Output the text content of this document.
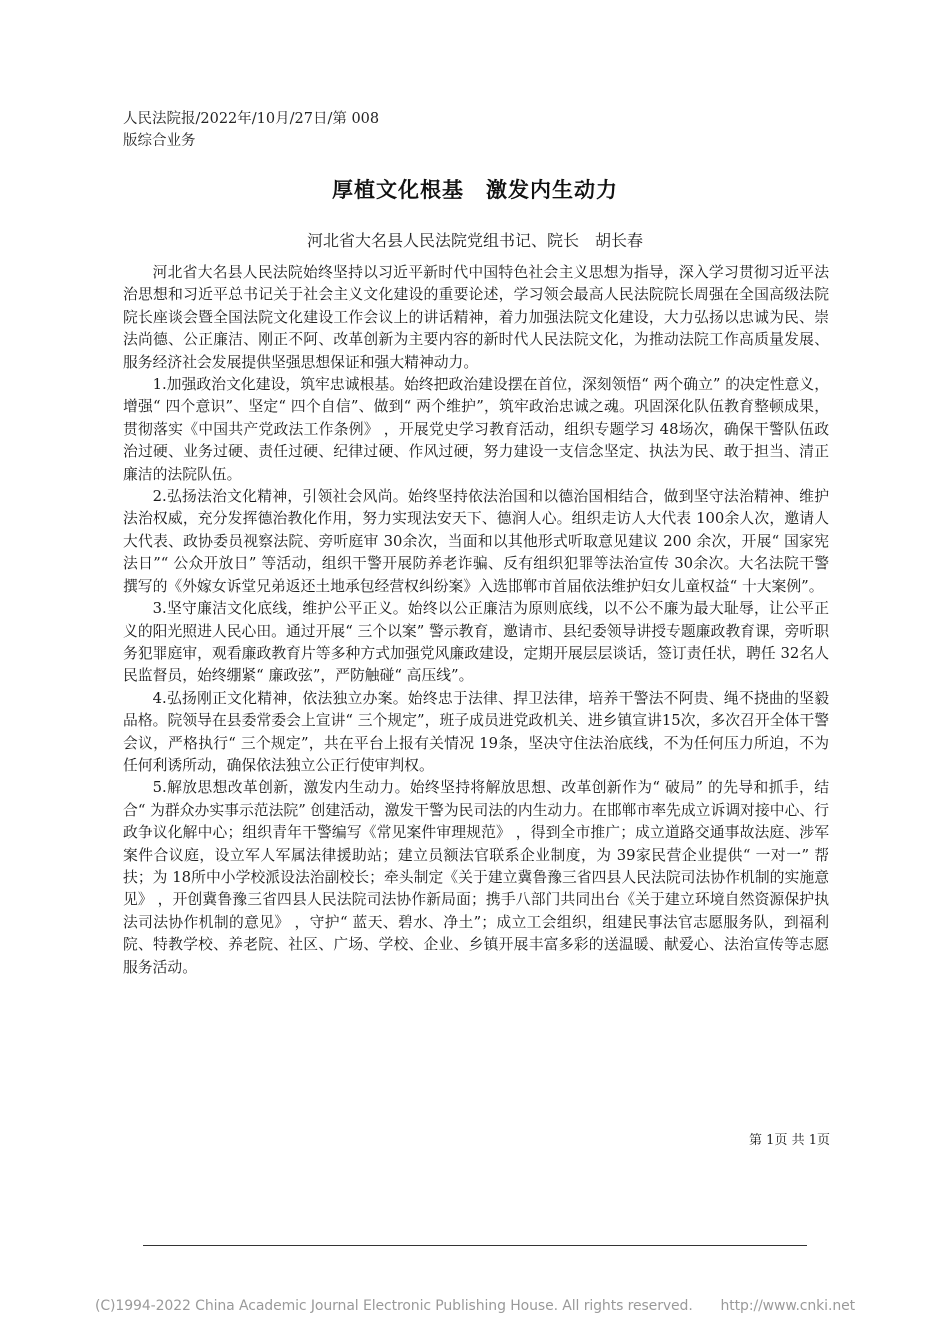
人民法院报/2022年/10月/27日/第 008
版综合业务
厚植文化根基　激发内生动力
河北省大名县人民法院党组书记、院长　胡长春

河北省大名县人民法院始终坚持以习近平新时代中国特色社会主义思想为指导，深入学习贯彻习近平法治思想和习近平总书记关于社会主义文化建设的重要论述，学习领会最高人民法院院长周强在全国高级法院院长座谈会暨全国法院文化建设工作会议上的讲话精神，着力加强法院文化建设，大力弘扬以忠诚为民、崇法尚德、公正廉洁、刚正不阿、改革创新为主要内容的新时代人民法院文化，为推动法院工作高质量发展、服务经济社会发展提供坚强思想保证和强大精神动力。

1.加强政治文化建设，筑牢忠诚根基。始终把政治建设摆在首位，深刻领悟“ 两个确立” 的决定性意义，增强“ 四个意识”、坚定“ 四个自信”、做到“ 两个维护”，筑牢政治忠诚之魂。巩固深化队伍教育整顿成果，贯彻落实《中国共产党政法工作条例》 ，开展党史学习教育活动，组织专题学习 48场次，确保干警队伍政治过硬、业务过硬、责任过硬、纪律过硬、作风过硬，努力建设一支信念坚定、执法为民、敢于担当、清正廉洁的法院队伍。

2.弘扬法治文化精神，引领社会风尚。始终坚持依法治国和以德治国相结合，做到坚守法治精神、维护法治权威，充分发挥德治教化作用，努力实现法安天下、德润人心。组织走访人大代表 100余人次，邀请人大代表、政协委员视察法院、旁听庭审 30余次，当面和以其他形式听取意见建议 200 余次，开展“ 国家宪法日”“ 公众开放日” 等活动，组织干警开展防养老诈骗、反有组织犯罪等法治宣传 30余次。大名法院干警撰写的《外嫁女诉堂兄弟返还土地承包经营权纠纷案》入选邯郸市首届依法维护妇女儿童权益“ 十大案例”。

3.坚守廉洁文化底线，维护公平正义。始终以公正廉洁为原则底线，以不公不廉为最大耻辱，让公平正义的阳光照进人民心田。通过开展“ 三个以案” 警示教育，邀请市、县纪委领导讲授专题廉政教育课，旁听职务犯罪庭审，观看廉政教育片等多种方式加强党风廉政建设，定期开展层层谈话，签订责任状，聘任 32名人民监督员，始终绷紧“ 廉政弦”，严防触碰“ 高压线”。

4.弘扬刚正文化精神，依法独立办案。始终忠于法律、捍卫法律，培养干警法不阿贵、绳不挠曲的坚毅品格。院领导在县委常委会上宣讲“ 三个规定”，班子成员进党政机关、进乡镇宣讲15次，多次召开全体干警会议，严格执行“ 三个规定”，共在平台上报有关情况 19条，坚决守住法治底线，不为任何压力所迫，不为任何利诱所动，确保依法独立公正行使审判权。

5.解放思想改革创新，激发内生动力。始终坚持将解放思想、改革创新作为“ 破局” 的先导和抓手，结合“ 为群众办实事示范法院” 创建活动，激发干警为民司法的内生动力。在邯郸市率先成立诉调对接中心、行政争议化解中心；组织青年干警编写《常见案件审理规范》 ，得到全市推广；成立道路交通事故法庭、涉军案件合议庭，设立军人军属法律援助站；建立员额法官联系企业制度，为 39家民营企业提供“ 一对一” 帮扶；为 18所中小学校派设法治副校长；牵头制定《关于建立冀鲁豫三省四县人民法院司法协作机制的实施意见》 ，开创冀鲁豫三省四县人民法院司法协作新局面；携手八部门共同出台《关于建立环境自然资源保护执法司法协作机制的意见》 ，守护“ 蓝天、碧水、净土”；成立工会组织，组建民事法官志愿服务队，到福利院、特教学校、养老院、社区、广场、学校、企业、乡镇开展丰富多彩的送温暖、献爱心、法治宣传等志愿服务活动。

第 1页 共 1页
(C)1994-2022 China Academic Journal Electronic Publishing House. All rights reserved.　　http://www.cnki.net
